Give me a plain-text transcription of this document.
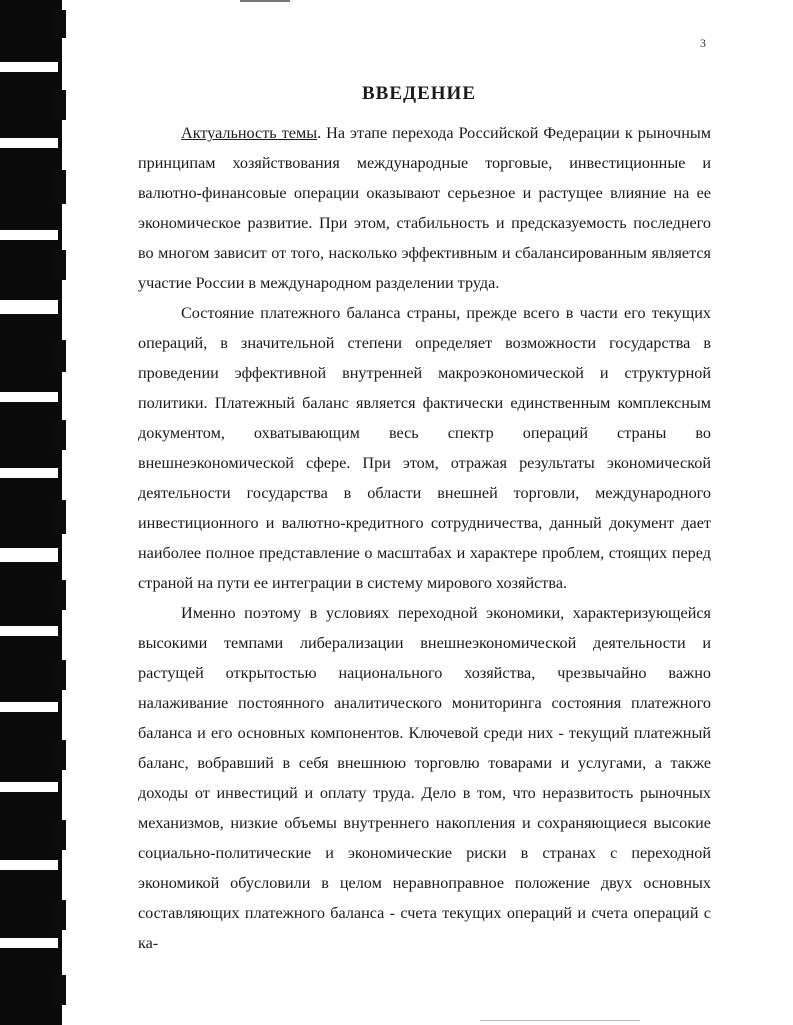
3
ВВЕДЕНИЕ

Актуальность темы. На этапе перехода Российской Федерации к рыночным принципам хозяйствования международные торговые, инвестиционные и валютно-финансовые операции оказывают серьезное и растущее влияние на ее экономическое развитие. При этом, стабильность и предсказуемость последнего во многом зависит от того, насколько эффективным и сбалансированным является участие России в международном разделении труда.

Состояние платежного баланса страны, прежде всего в части его текущих операций, в значительной степени определяет возможности государства в проведении эффективной внутренней макроэкономической и структурной политики. Платежный баланс является фактически единственным комплексным документом, охватывающим весь спектр операций страны во внешнеэкономической сфере. При этом, отражая результаты экономической деятельности государства в области внешней торговли, международного инвестиционного и валютно-кредитного сотрудничества, данный документ дает наиболее полное представление о масштабах и характере проблем, стоящих перед страной на пути ее интеграции в систему мирового хозяйства.

Именно поэтому в условиях переходной экономики, характеризующейся высокими темпами либерализации внешнеэкономической деятельности и растущей открытостью национального хозяйства, чрезвычайно важно налаживание постоянного аналитического мониторинга состояния платежного баланса и его основных компонентов. Ключевой среди них - текущий платежный баланс, вобравший в себя внешнюю торговлю товарами и услугами, а также доходы от инвестиций и оплату труда. Дело в том, что неразвитость рыночных механизмов, низкие объемы внутреннего накопления и сохраняющиеся высокие социально-политические и экономические риски в странах с переходной экономикой обусловили в целом неравноправное положение двух основных составляющих платежного баланса - счета текущих операций и счета операций с ка-
